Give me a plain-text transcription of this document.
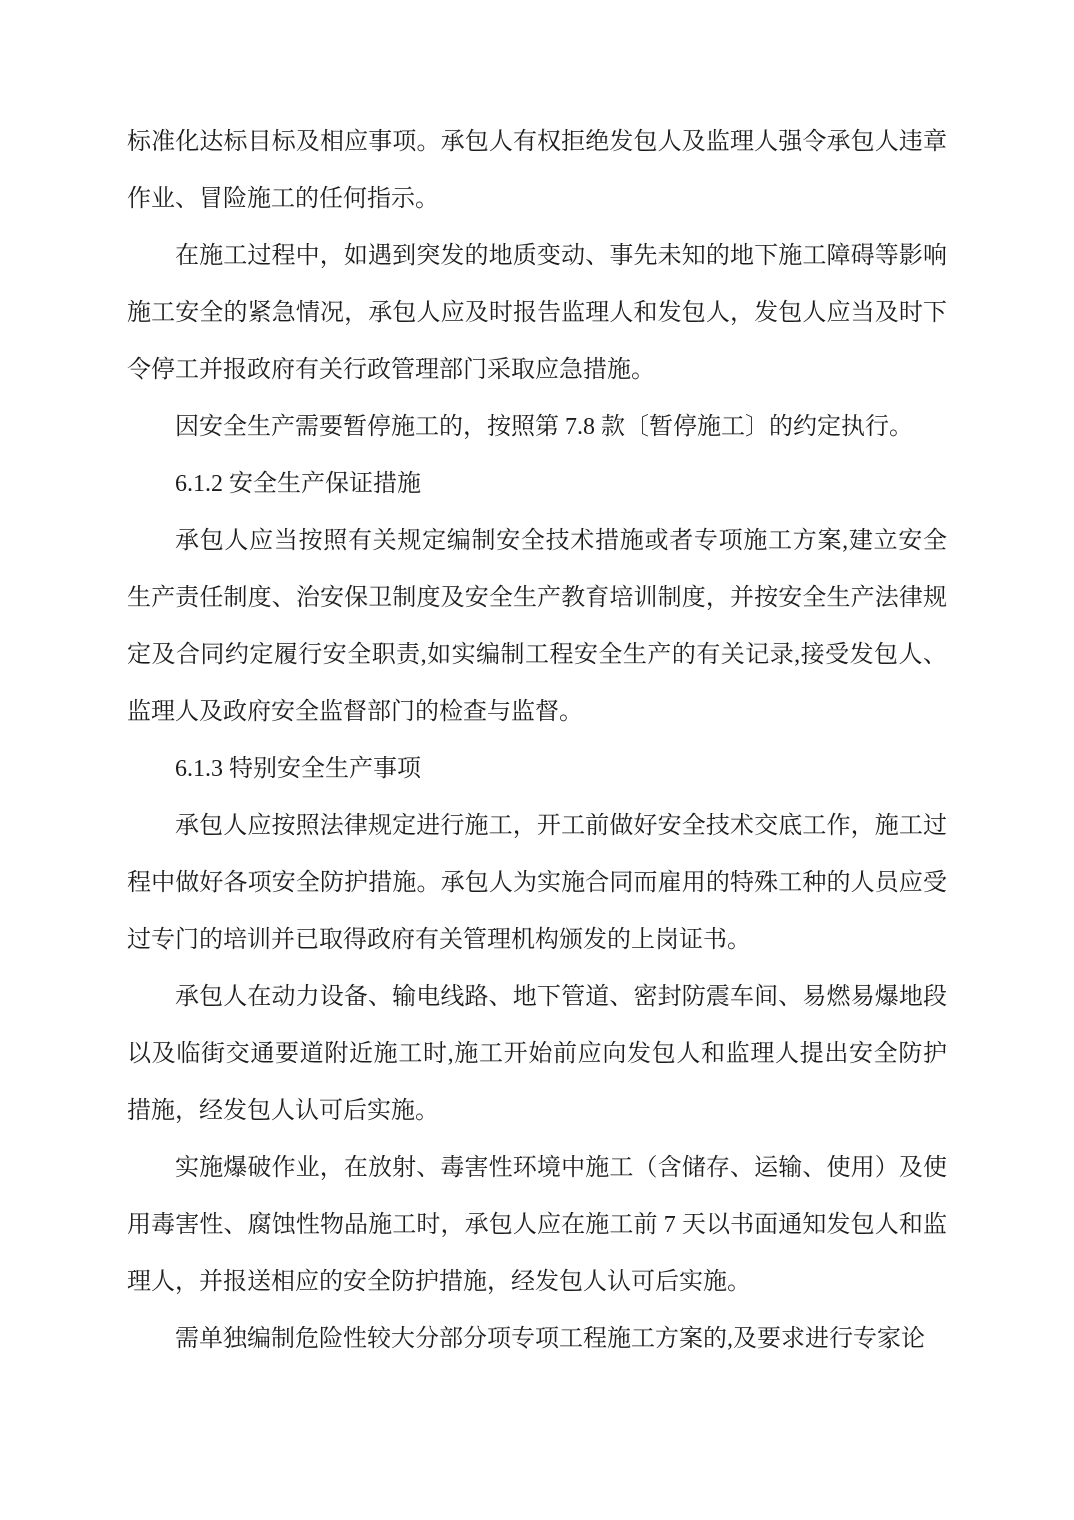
标准化达标目标及相应事项。承包人有权拒绝发包人及监理人强令承包人违章作业、冒险施工的任何指示。

在施工过程中，如遇到突发的地质变动、事先未知的地下施工障碍等影响施工安全的紧急情况，承包人应及时报告监理人和发包人，发包人应当及时下令停工并报政府有关行政管理部门采取应急措施。

因安全生产需要暂停施工的，按照第 7.8 款〔暂停施工〕的约定执行。

6.1.2 安全生产保证措施

承包人应当按照有关规定编制安全技术措施或者专项施工方案,建立安全生产责任制度、治安保卫制度及安全生产教育培训制度，并按安全生产法律规定及合同约定履行安全职责,如实编制工程安全生产的有关记录,接受发包人、监理人及政府安全监督部门的检查与监督。

6.1.3 特别安全生产事项

承包人应按照法律规定进行施工，开工前做好安全技术交底工作，施工过程中做好各项安全防护措施。承包人为实施合同而雇用的特殊工种的人员应受过专门的培训并已取得政府有关管理机构颁发的上岗证书。

承包人在动力设备、输电线路、地下管道、密封防震车间、易燃易爆地段以及临街交通要道附近施工时,施工开始前应向发包人和监理人提出安全防护措施，经发包人认可后实施。

实施爆破作业，在放射、毒害性环境中施工（含储存、运输、使用）及使用毒害性、腐蚀性物品施工时，承包人应在施工前 7 天以书面通知发包人和监理人，并报送相应的安全防护措施，经发包人认可后实施。

需单独编制危险性较大分部分项专项工程施工方案的,及要求进行专家论
